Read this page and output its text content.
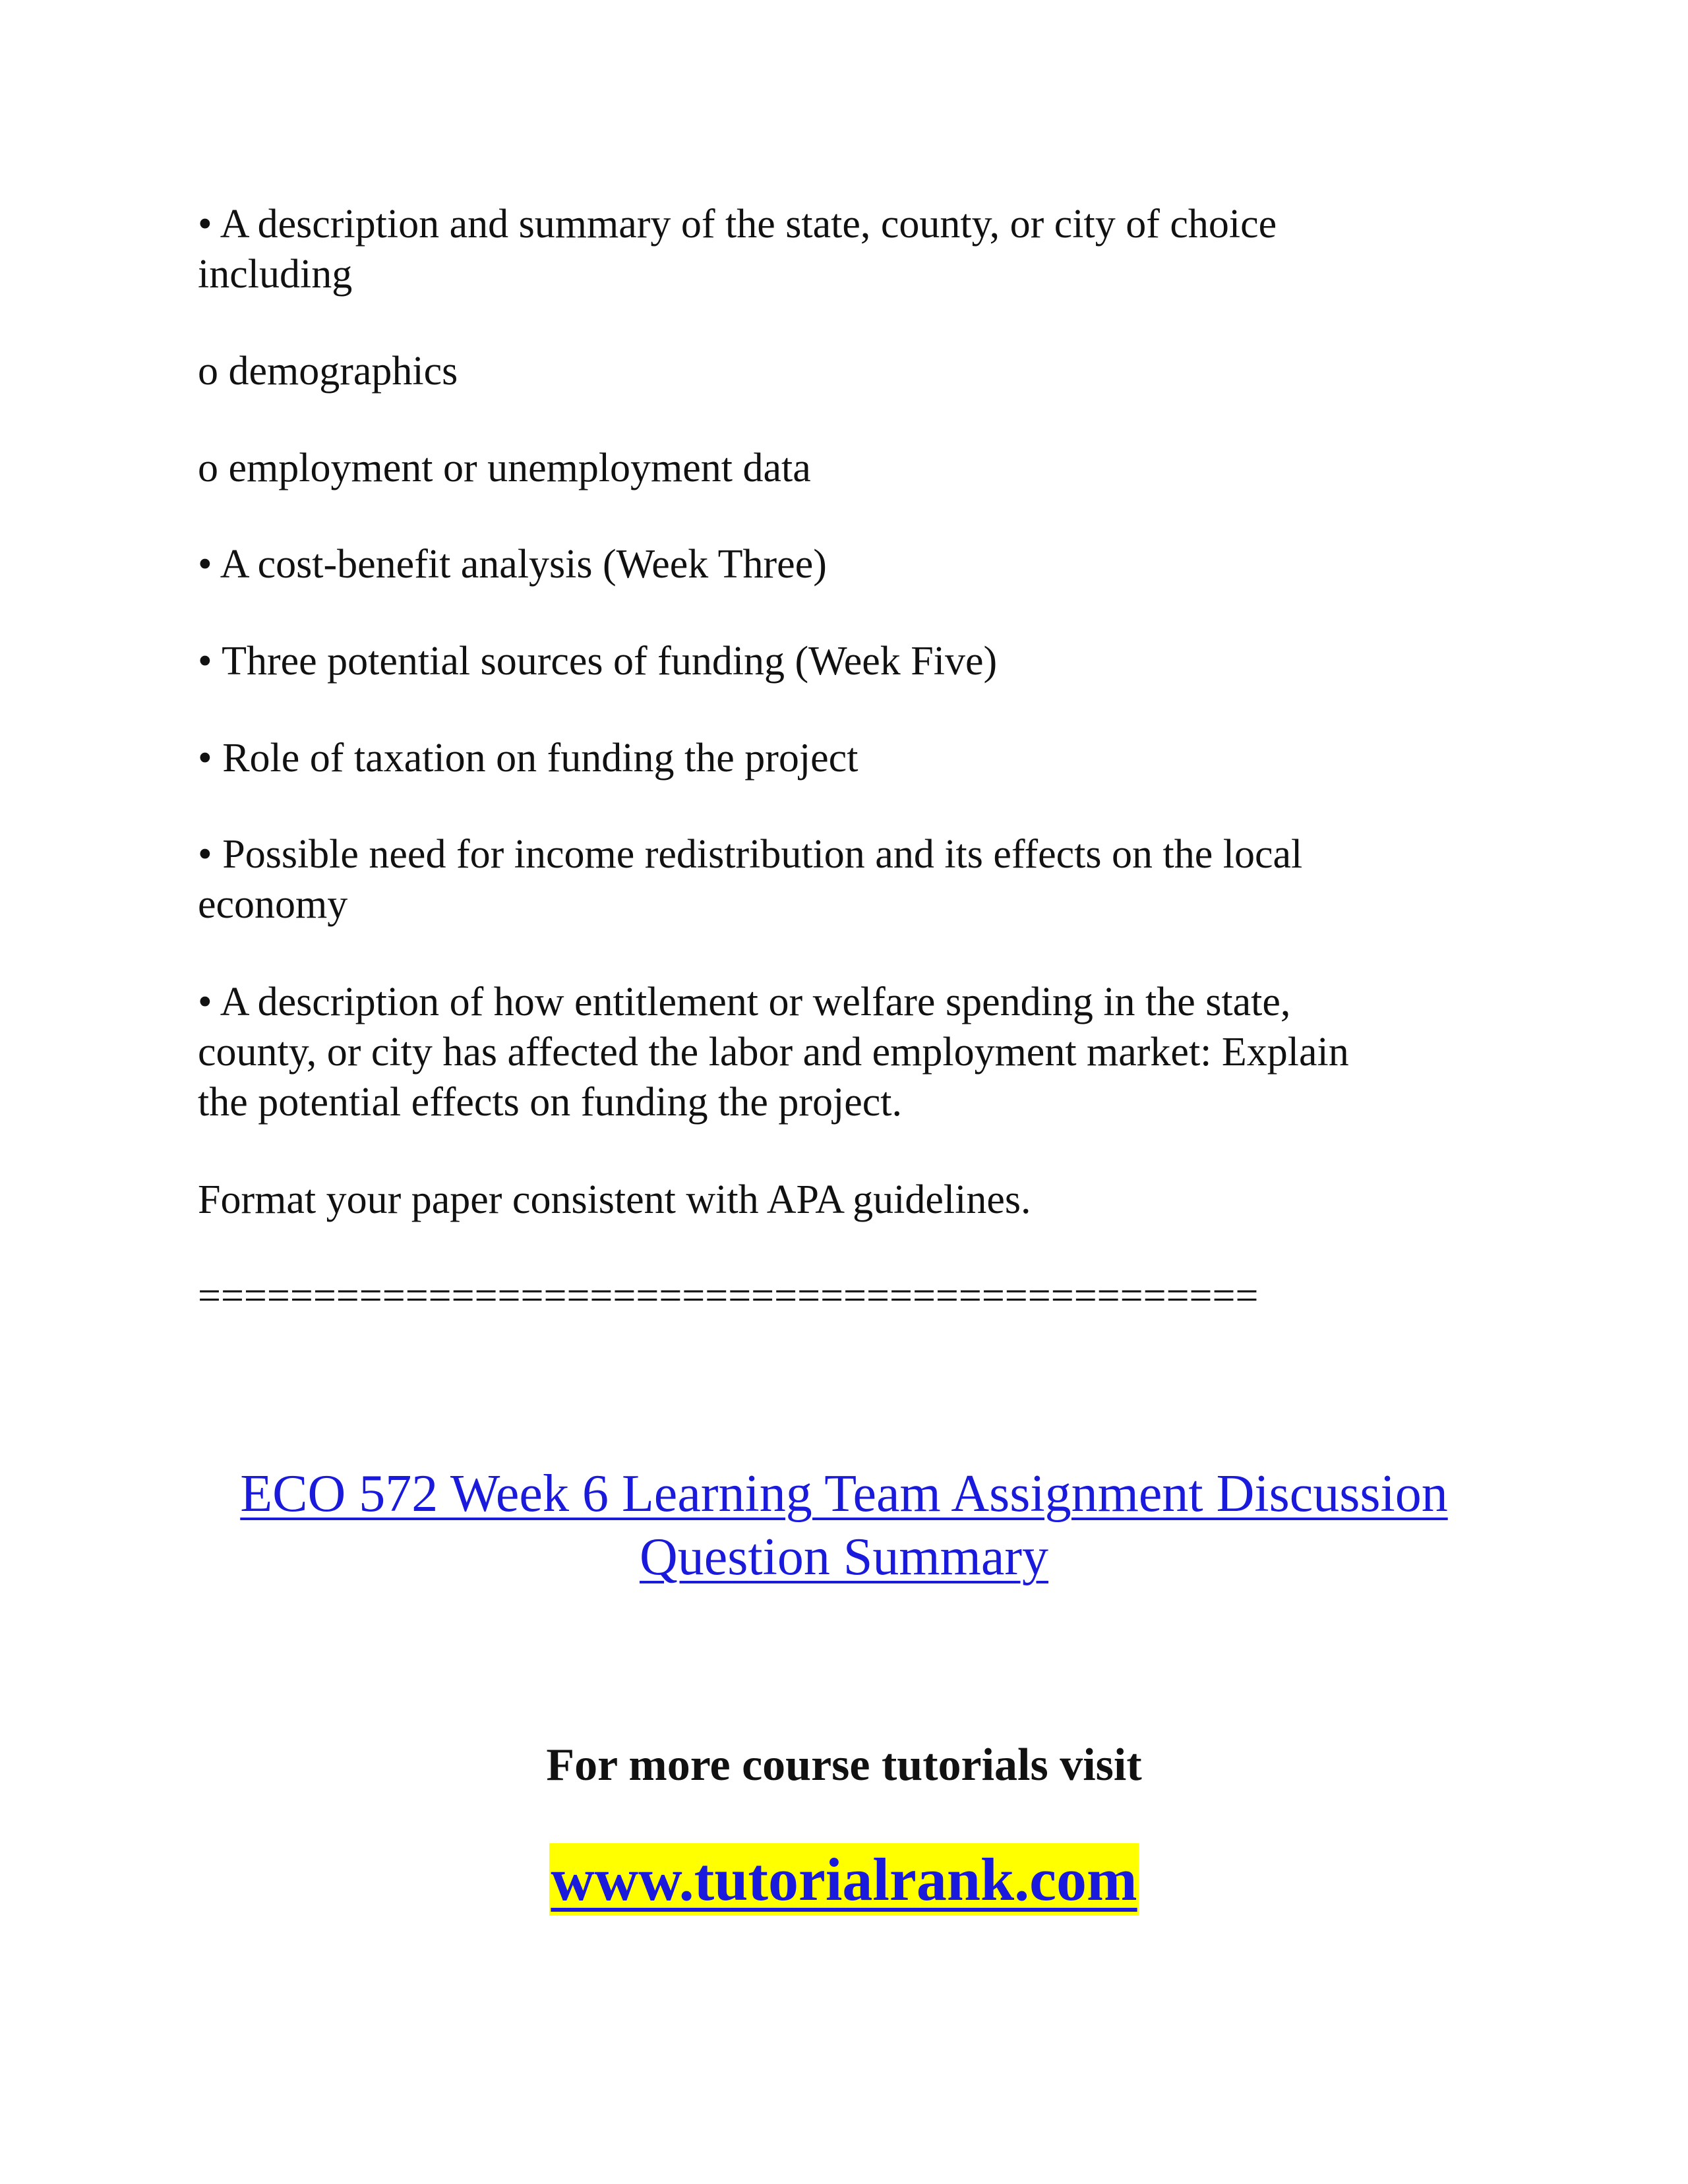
• A description and summary of the state, county, or city of choice
including
o demographics
o employment or unemployment data
• A cost-benefit analysis (Week Three)
• Three potential sources of funding (Week Five)
• Role of taxation on funding the project
• Possible need for income redistribution and its effects on the local
economy
• A description of how entitlement or welfare spending in the state,
county, or city has affected the labor and employment market: Explain
the potential effects on funding the project.
Format your paper consistent with APA guidelines.
==============================================
ECO 572 Week 6 Learning Team Assignment Discussion
Question Summary
For more course tutorials visit
www.tutorialrank.com
